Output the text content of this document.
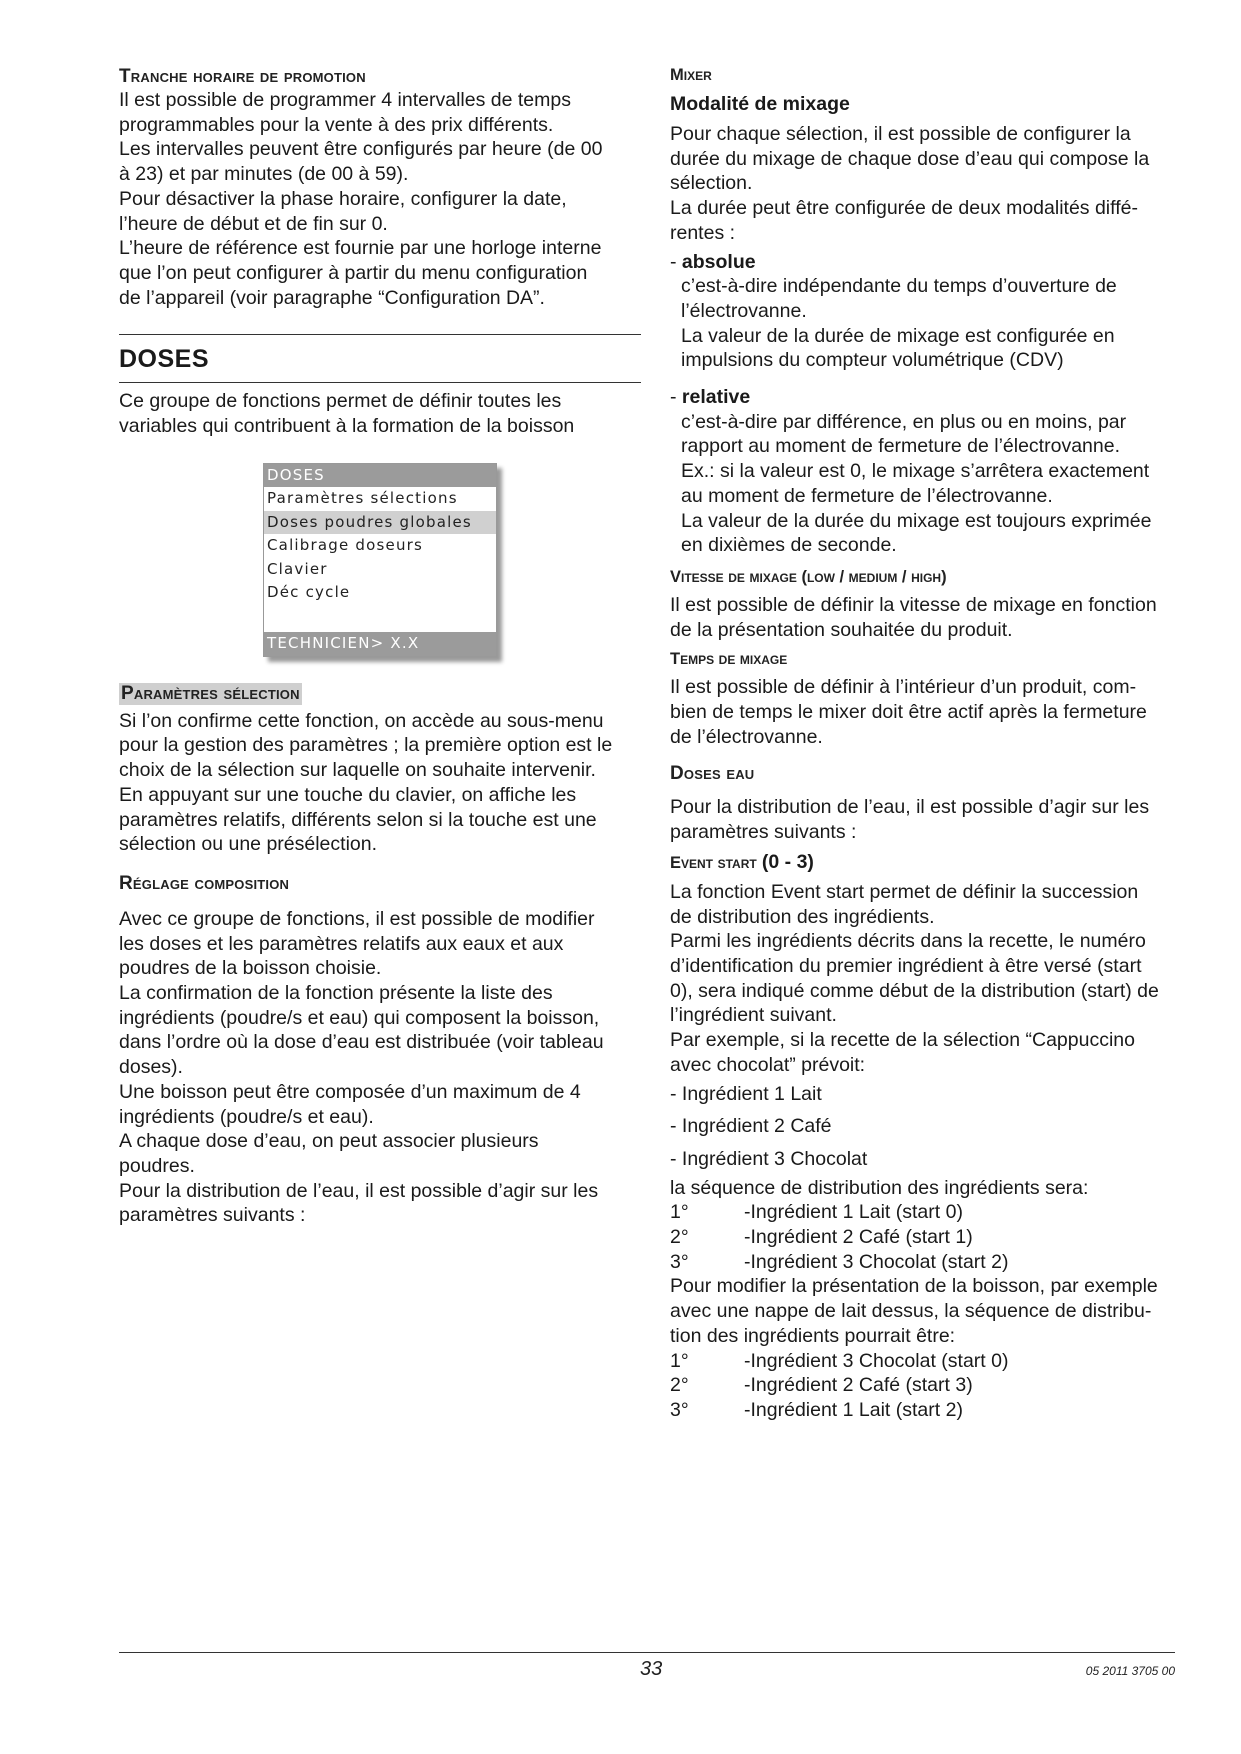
Tranche horaire de promotion

Il est possible de programmer 4 intervalles de temps

programmables pour la vente à des prix différents.

Les intervalles peuvent être configurés par heure (de 00

à 23) et par minutes (de 00 à 59).

Pour désactiver la phase horaire, configurer la date,

l’heure de début et de fin sur 0.

L’heure de référence est fournie par une horloge interne

que l’on peut configurer à partir du menu configuration

de l’appareil (voir paragraphe “Configuration DA”.

DOSES

Ce groupe de fonctions permet de définir toutes les

variables qui contribuent à la formation de la boisson

DOSES
Paramètres sélections
Doses poudres globales
Calibrage doseurs
Clavier
Déc cycle
TECHNICIEN> X.X
Paramètres sélection

Si l’on confirme cette fonction, on accède au sous-menu

pour la gestion des paramètres ; la première option est le

choix de la sélection sur laquelle on souhaite intervenir.

En appuyant sur une touche du clavier, on affiche les

paramètres relatifs, différents selon si la touche est une

sélection ou une présélection.

Réglage composition

Avec ce groupe de fonctions, il est possible de modifier

les doses et les paramètres relatifs aux eaux et aux

poudres de la boisson choisie.

La confirmation de la fonction présente la liste des

ingrédients (poudre/s et eau) qui composent la boisson,

dans l’ordre où la dose d’eau est distribuée (voir tableau

doses).

Une boisson peut être composée d’un maximum de 4

ingrédients (poudre/s et eau).

A chaque dose d’eau, on peut associer plusieurs

poudres.

Pour la distribution de l’eau, il est possible d’agir sur les

paramètres suivants :

Mixer
Modalité de mixage

Pour chaque sélection, il est possible de configurer la

durée du mixage de chaque dose d’eau qui compose la

sélection.

La durée peut être configurée de deux modalités diffé-

rentes :

- absolue

c’est-à-dire indépendante du temps d’ouverture de

l’électrovanne.

La valeur de la durée de mixage est configurée en

impulsions du compteur volumétrique (CDV)

- relative

c’est-à-dire par différence, en plus ou en moins, par

rapport au moment de fermeture de l’électrovanne.

Ex.: si la valeur est 0, le mixage s’arrêtera exactement

au moment de fermeture de l’électrovanne.

La valeur de la durée du mixage est toujours exprimée

en dixièmes de seconde.

Vitesse de mixage (low / medium / high)

Il est possible de définir la vitesse de mixage en fonction

de la présentation souhaitée du produit.

Temps de mixage

Il est possible de définir à l’intérieur d’un produit, com-

bien de temps le mixer doit être actif après la fermeture

de l’électrovanne.

Doses eau

Pour la distribution de l’eau, il est possible d’agir sur les

paramètres suivants :

Event start (0 - 3)

La fonction Event start permet de définir la succession

de distribution des ingrédients.

Parmi les ingrédients décrits dans la recette, le numéro

d’identification du premier ingrédient à être versé (start

0), sera indiqué comme début de la distribution (start) de

l’ingrédient suivant.

Par exemple, si la recette de la sélection “Cappuccino

avec chocolat” prévoit:

- Ingrédient 1 Lait

- Ingrédient 2 Café

- Ingrédient 3 Chocolat

la séquence de distribution des ingrédients sera:

1°	-Ingrédient 1 Lait (start 0)
2°	-Ingrédient 2 Café (start 1)
3°	-Ingrédient 3 Chocolat (start 2)

Pour modifier la présentation de la boisson, par exemple

avec une nappe de lait dessus, la séquence de distribu-

tion des ingrédients pourrait être:

1°	-Ingrédient 3 Chocolat (start 0)
2°	-Ingrédient 2 Café (start 3)
3°	-Ingrédient 1 Lait (start 2)
33	05 2011 3705 00
